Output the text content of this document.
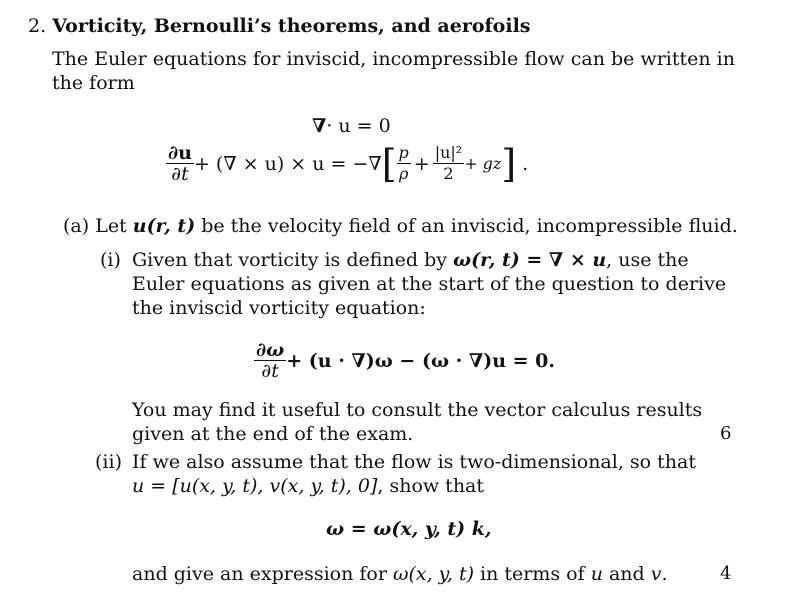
2. Vorticity, Bernoulli’s theorems, and aerofoils
The Euler equations for inviscid, incompressible flow can be written in
the form
∇ · u = 0
$\frac{\partial u}{\partial t}$ + (∇ × u) × u = −∇ [ $\frac{p}{\rho} + \frac{\text{|u|²}}{2}$ + gz ] .
(a) Let u(r, t) be the velocity field of an inviscid, incompressible fluid.
(i) Given that vorticity is defined by ω(r, t) = ∇ × u, use the
Euler equations as given at the start of the question to derive
the inviscid vorticity equation:
$\frac{\partial\omega}{\partial t} + (u \cdot \nabla)\omega - (\omega \cdot \nabla)u = 0$.
You may find it useful to consult the vector calculus results
given at the end of the exam.	6
(ii) If we also assume that the flow is two-dimensional, so that
u = [u(x, y, t), v(x, y, t), 0], show that
ω = ω(x, y, t) k,
and give an expression for ω(x, y, t) in terms of u and v.	4
